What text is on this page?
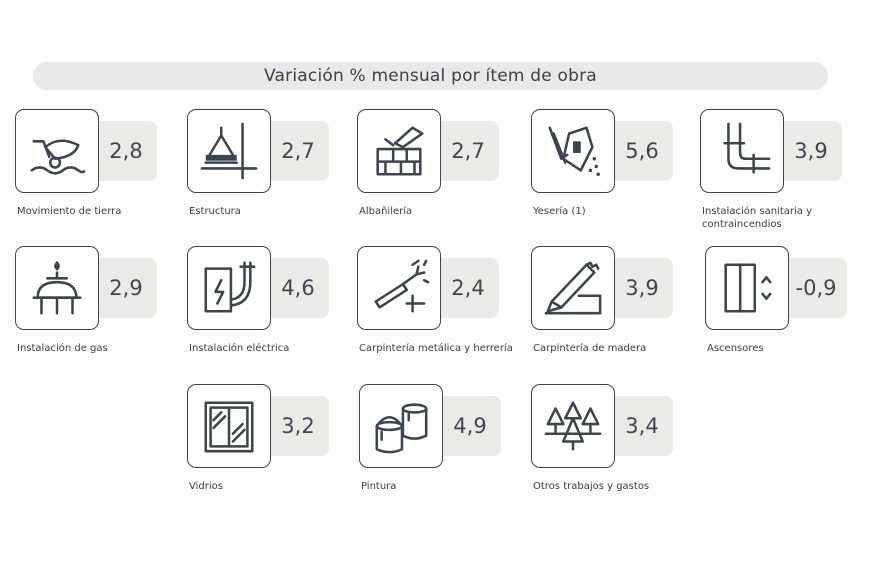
Variación % mensual por ítem de obra
2,8
Movimiento de tierra
2,7
Estructura
2,7
Albañilería
5,6
Yesería (1)
3,9
Instalación sanitaria y contraincendios
2,9
Instalación de gas
4,6
Instalación eléctrica
2,4
Carpintería metálica y herrería
3,9
Carpintería de madera
-0,9
Ascensores
3,2
Vidrios
4,9
Pintura
3,4
Otros trabajos y gastos
